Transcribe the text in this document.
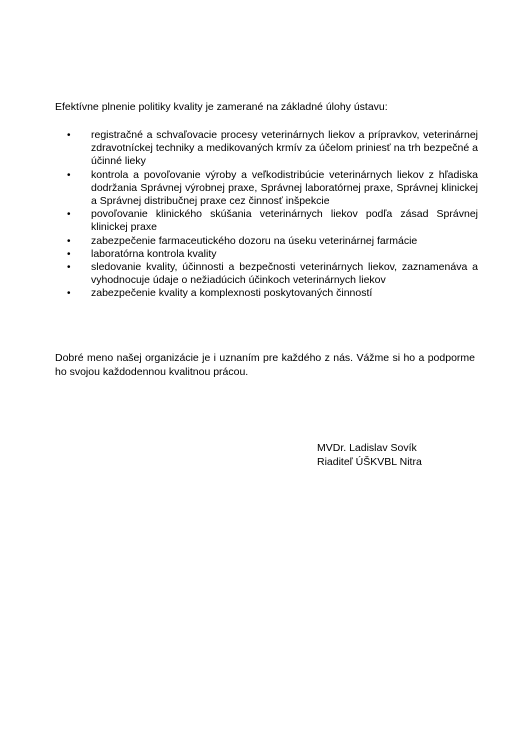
Efektívne plnenie politiky kvality je zamerané na základné úlohy ústavu:

• registračné a schvaľovacie procesy veterinárnych liekov a prípravkov, veterinárnej zdravotníckej techniky a medikovaných krmív za účelom priniesť na trh bezpečné a účinné lieky
• kontrola a povoľovanie výroby a veľkodistribúcie veterinárnych liekov z hľadiska dodržania Správnej výrobnej praxe, Správnej laboratórnej praxe, Správnej klinickej a Správnej distribučnej praxe cez činnosť inšpekcie
• povoľovanie klinického skúšania veterinárnych liekov podľa zásad Správnej klinickej praxe
• zabezpečenie farmaceutického dozoru na úseku veterinárnej farmácie
• laboratórna kontrola kvality
• sledovanie kvality, účinnosti a bezpečnosti veterinárnych liekov, zaznamenáva a vyhodnocuje údaje o nežiadúcich účinkoch veterinárnych liekov
• zabezpečenie kvality a komplexnosti poskytovaných činností

Dobré meno našej organizácie je i uznaním pre každého z nás. Vážme si ho a podporme ho svojou každodennou kvalitnou prácou.

MVDr. Ladislav Sovík
Riaditeľ ÚŠKVBL Nitra
